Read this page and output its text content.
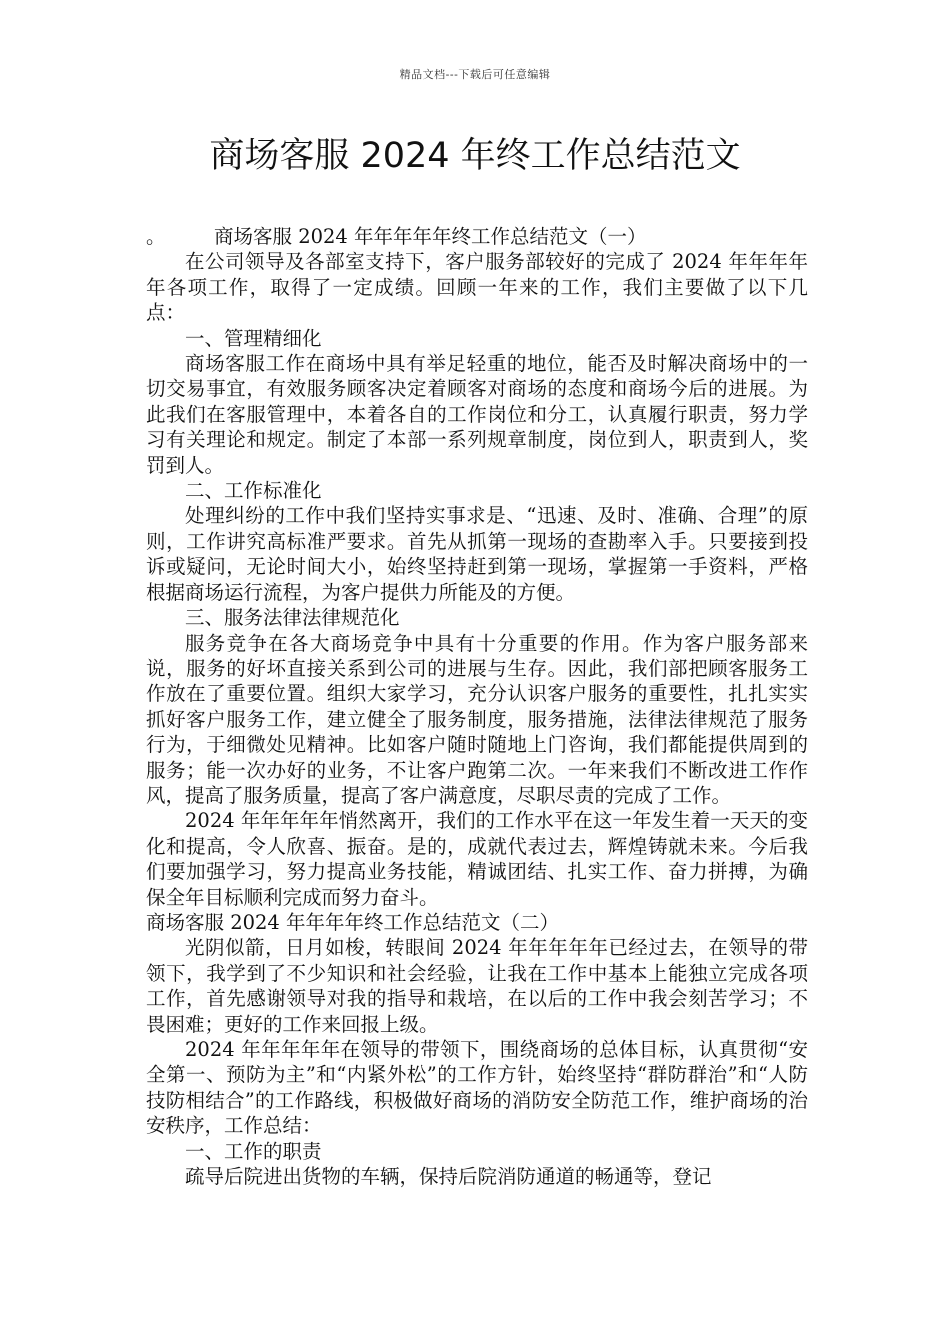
精品文档---下载后可任意编辑
商场客服 2024 年终工作总结范文

。 商场客服 2024 年年年年年终工作总结范文（一）

在公司领导及各部室支持下，客户服务部较好的完成了 2024 年年年年年各项工作，取得了一定成绩。回顾一年来的工作，我们主要做了以下几点：

一、管理精细化

商场客服工作在商场中具有举足轻重的地位，能否及时解决商场中的一切交易事宜，有效服务顾客决定着顾客对商场的态度和商场今后的进展。为此我们在客服管理中，本着各自的工作岗位和分工，认真履行职责，努力学习有关理论和规定。制定了本部一系列规章制度，岗位到人，职责到人，奖罚到人。

二、工作标准化

处理纠纷的工作中我们坚持实事求是、“迅速、及时、准确、合理”的原则，工作讲究高标准严要求。首先从抓第一现场的查勘率入手。只要接到投诉或疑问，无论时间大小，始终坚持赶到第一现场，掌握第一手资料，严格根据商场运行流程，为客户提供力所能及的方便。

三、服务法律法律规范化

服务竞争在各大商场竞争中具有十分重要的作用。作为客户服务部来说，服务的好坏直接关系到公司的进展与生存。因此，我们部把顾客服务工作放在了重要位置。组织大家学习，充分认识客户服务的重要性，扎扎实实抓好客户服务工作，建立健全了服务制度，服务措施，法律法律规范了服务行为，于细微处见精神。比如客户随时随地上门咨询，我们都能提供周到的服务；能一次办好的业务，不让客户跑第二次。一年来我们不断改进工作作风，提高了服务质量，提高了客户满意度，尽职尽责的完成了工作。

2024 年年年年年悄然离开，我们的工作水平在这一年发生着一天天的变化和提高，令人欣喜、振奋。是的，成就代表过去，辉煌铸就未来。今后我们要加强学习，努力提高业务技能，精诚团结、扎实工作、奋力拼搏，为确保全年目标顺利完成而努力奋斗。

商场客服 2024 年年年年终工作总结范文（二）

光阴似箭，日月如梭，转眼间 2024 年年年年年已经过去，在领导的带领下，我学到了不少知识和社会经验，让我在工作中基本上能独立完成各项工作，首先感谢领导对我的指导和栽培，在以后的工作中我会刻苦学习；不畏困难；更好的工作来回报上级。

2024 年年年年年在领导的带领下，围绕商场的总体目标，认真贯彻“安全第一、预防为主”和“内紧外松”的工作方针，始终坚持“群防群治”和“人防技防相结合”的工作路线，积极做好商场的消防安全防范工作，维护商场的治安秩序，工作总结：

一、工作的职责

疏导后院进出货物的车辆，保持后院消防通道的畅通等，登记
